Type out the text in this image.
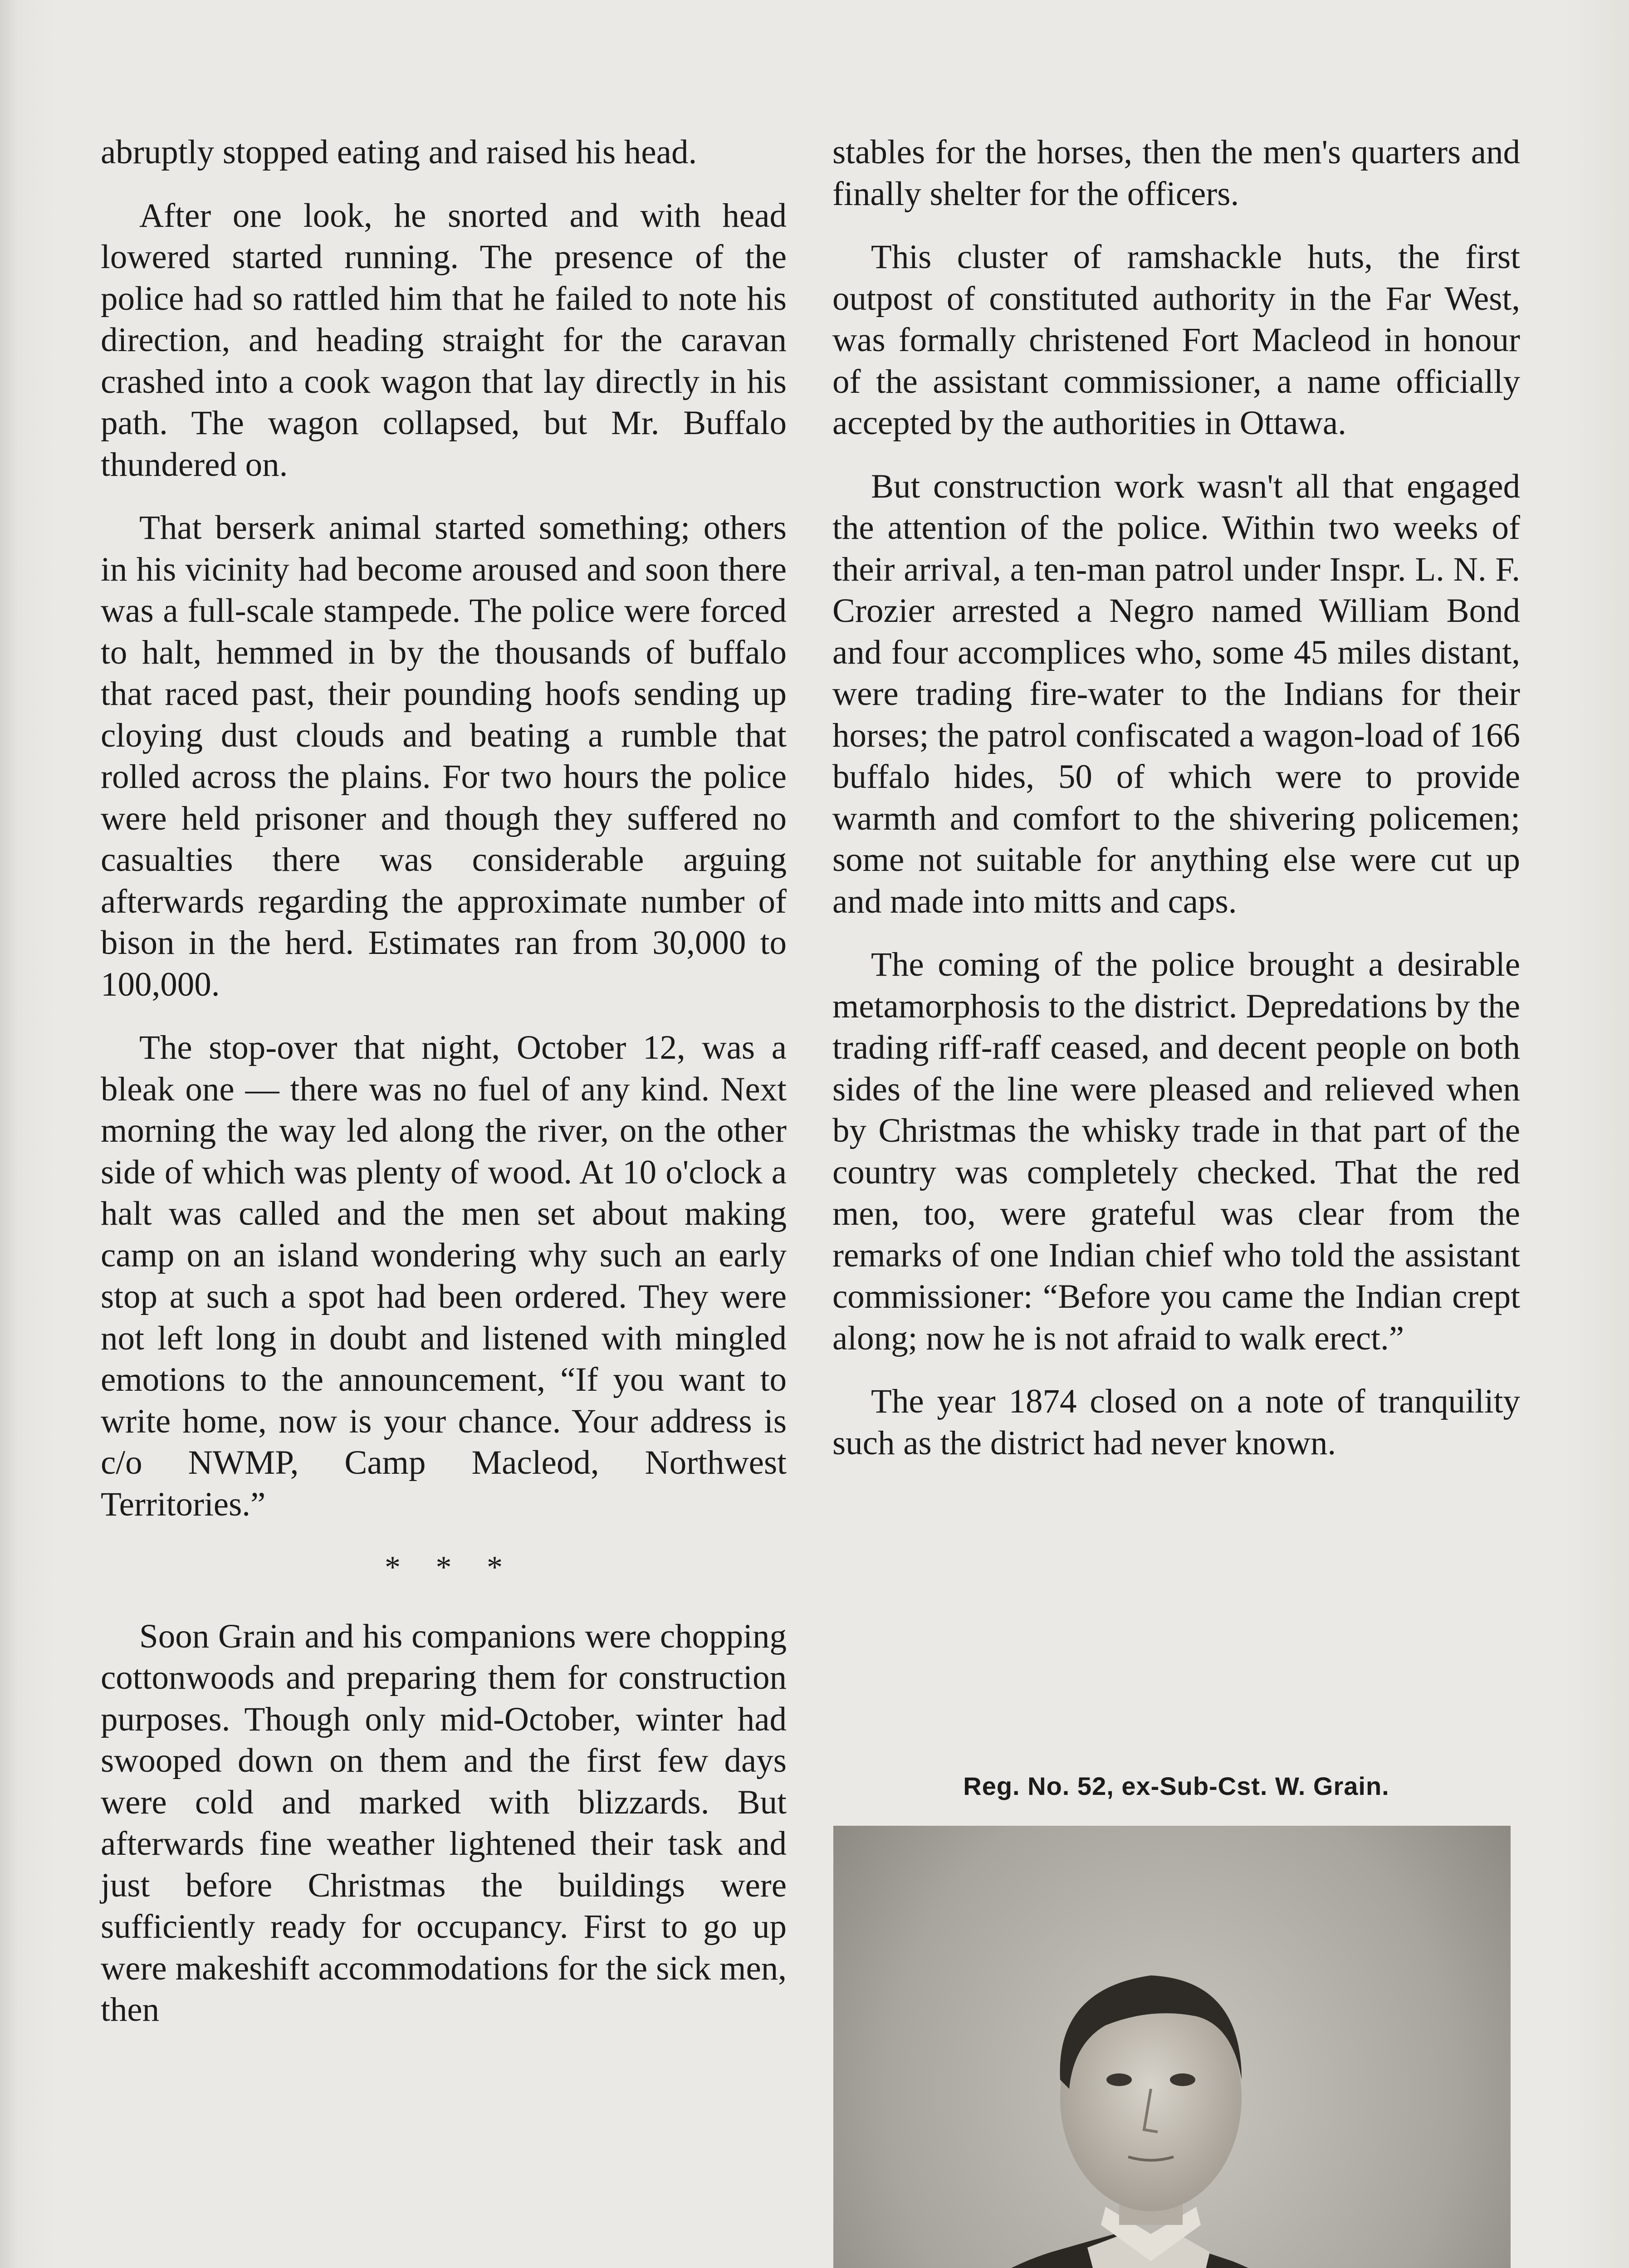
abruptly stopped eating and raised his head.

After one look, he snorted and with head lowered started running. The presence of the police had so rattled him that he failed to note his direction, and heading straight for the caravan crashed into a cook wagon that lay directly in his path. The wagon collapsed, but Mr. Buffalo thundered on.

That berserk animal started something; others in his vicinity had become aroused and soon there was a full-scale stampede. The police were forced to halt, hemmed in by the thousands of buffalo that raced past, their pounding hoofs sending up cloying dust clouds and beating a rumble that rolled across the plains. For two hours the police were held prisoner and though they suffered no casualties there was considerable arguing afterwards regarding the approximate number of bison in the herd. Estimates ran from 30,000 to 100,000.

The stop-over that night, October 12, was a bleak one — there was no fuel of any kind. Next morning the way led along the river, on the other side of which was plenty of wood. At 10 o'clock a halt was called and the men set about making camp on an island wondering why such an early stop at such a spot had been ordered. They were not left long in doubt and listened with mingled emotions to the announcement, “If you want to write home, now is your chance. Your address is c/o NWMP, Camp Macleod, Northwest Territories.”

* * *

Soon Grain and his companions were chopping cottonwoods and preparing them for construction purposes. Though only mid-October, winter had swooped down on them and the first few days were cold and marked with blizzards. But afterwards fine weather lightened their task and just before Christmas the buildings were sufficiently ready for occupancy. First to go up were makeshift accommodations for the sick men, then

stables for the horses, then the men's quarters and finally shelter for the officers.

This cluster of ramshackle huts, the first outpost of constituted authority in the Far West, was formally christened Fort Macleod in honour of the assistant commissioner, a name officially accepted by the authorities in Ottawa.

But construction work wasn't all that engaged the attention of the police. Within two weeks of their arrival, a ten-man patrol under Inspr. L. N. F. Crozier arrested a Negro named William Bond and four accomplices who, some 45 miles distant, were trading fire-water to the Indians for their horses; the patrol confiscated a wagon-load of 166 buffalo hides, 50 of which were to provide warmth and comfort to the shivering policemen; some not suitable for anything else were cut up and made into mitts and caps.

The coming of the police brought a desirable metamorphosis to the district. Depredations by the trading riff-raff ceased, and decent people on both sides of the line were pleased and relieved when by Christmas the whisky trade in that part of the country was completely checked. That the red men, too, were grateful was clear from the remarks of one Indian chief who told the assistant commissioner: “Before you came the Indian crept along; now he is not afraid to walk erect.”

The year 1874 closed on a note of tranquility such as the district had never known.

Reg. No. 52, ex-Sub-Cst. W. Grain.
